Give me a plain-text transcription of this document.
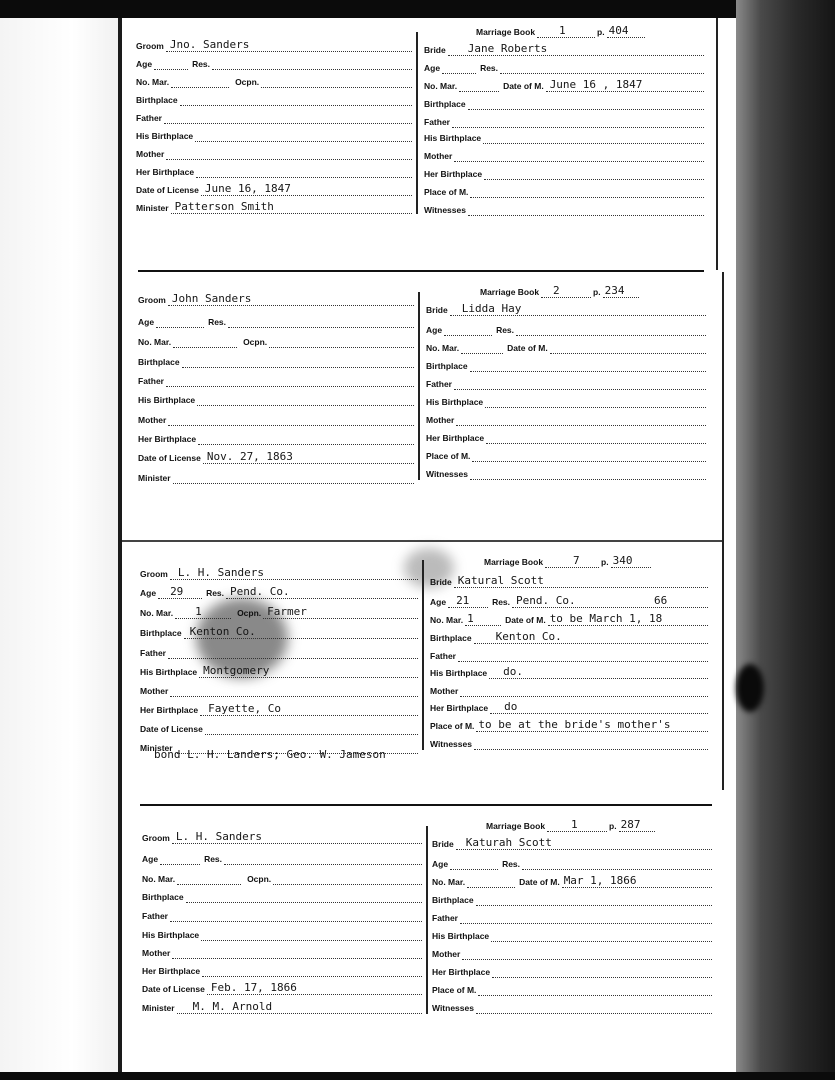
Groom Jno. Sanders
Age	Res.
No. Mar.	Ocpn.
Birthplace
Father
His Birthplace
Mother
Her Birthplace
Date of License June 16, 1847
Minister Patterson Smith
Marriage Book 1	p. 404
Bride Jane Roberts
Age	Res.
No. Mar.	Date of M. June 16 , 1847
Birthplace
Father
His Birthplace
Mother
Her Birthplace
Place of M.
Witnesses
Groom John Sanders
Age	Res.
No. Mar.	Ocpn.
Birthplace
Father
His Birthplace
Mother
Her Birthplace
Date of License Nov. 27, 1863
Minister
Marriage Book 2	p. 234
Bride Lidda Hay
Age	Res.
No. Mar.	Date of M.
Birthplace
Father
His Birthplace
Mother
Her Birthplace
Place of M.
Witnesses
Groom L. H. Sanders
Age 29	Res. Pend. Co.
No. Mar. 1	Ocpn. Farmer
Birthplace Kenton Co.
Father
His Birthplace Montgomery
Mother
Her Birthplace Fayette, Co
Date of License
Minister
bond L. H. Landers; Geo. W. Jameson
Marriage Book	7	p. 340
Bride Katural Scott
Age 21	Res. Pend. Co.	66
No. Mar. 1	Date of M. to be March 1, 18
Birthplace Kenton Co.
Father
His Birthplace do.
Mother
Her Birthplace do
Place of M. to be at the bride's mother's
Witnesses
Groom L. H. Sanders
Age	Res.
No. Mar.	Ocpn.
Birthplace
Father
His Birthplace
Mother
Her Birthplace
Date of License Feb. 17, 1866
Minister M. M. Arnold
Marriage Book 1	p. 287
Bride Katurah Scott
Age	Res.
No. Mar.	Date of M. Mar 1, 1866
Birthplace
Father
His Birthplace
Mother
Her Birthplace
Place of M.
Witnesses
